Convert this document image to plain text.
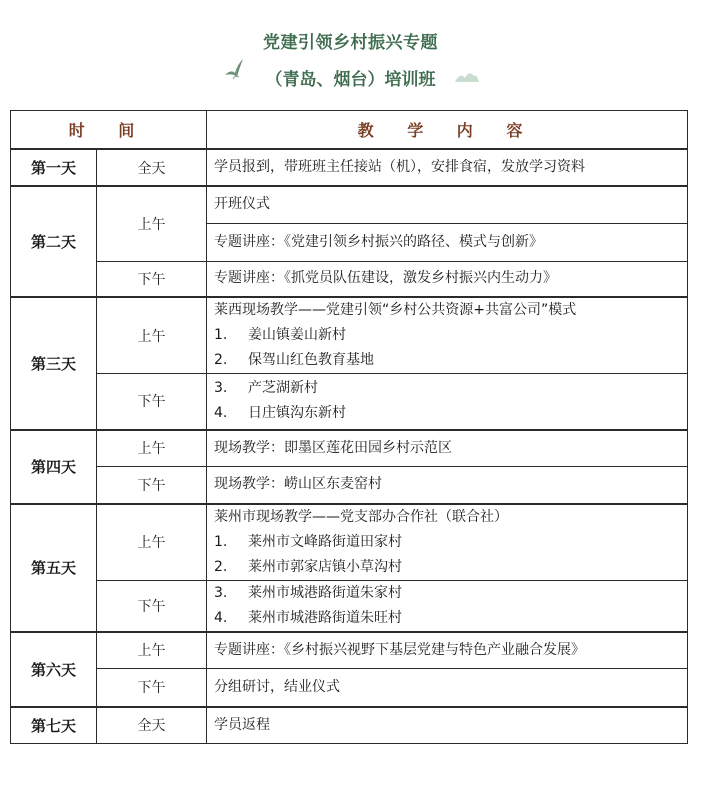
党建引领乡村振兴专题
（青岛、烟台）培训班
时 间		教 学 内 容
第一天	全天	学员报到，带班班主任接站（机），安排食宿，发放学习资料
第二天	上午	开班仪式
		专题讲座：《党建引领乡村振兴的路径、模式与创新》
	下午	专题讲座：《抓党员队伍建设，激发乡村振兴内生动力》
第三天	上午	莱西现场教学——党建引领“乡村公共资源+共富公司”模式
1. 姜山镇姜山新村
2. 保驾山红色教育基地

	下午	3. 产芝湖新村
4. 日庄镇沟东新村

第四天	上午	现场教学：即墨区莲花田园乡村示范区
	下午	现场教学：崂山区东麦窑村
第五天	上午	莱州市现场教学——党支部办合作社（联合社）
1. 莱州市文峰路街道田家村
2. 莱州市郭家店镇小草沟村

	下午	3. 莱州市城港路街道朱家村
4. 莱州市城港路街道朱旺村

第六天	上午	专题讲座：《乡村振兴视野下基层党建与特色产业融合发展》
	下午	分组研讨，结业仪式
第七天	全天	学员返程
